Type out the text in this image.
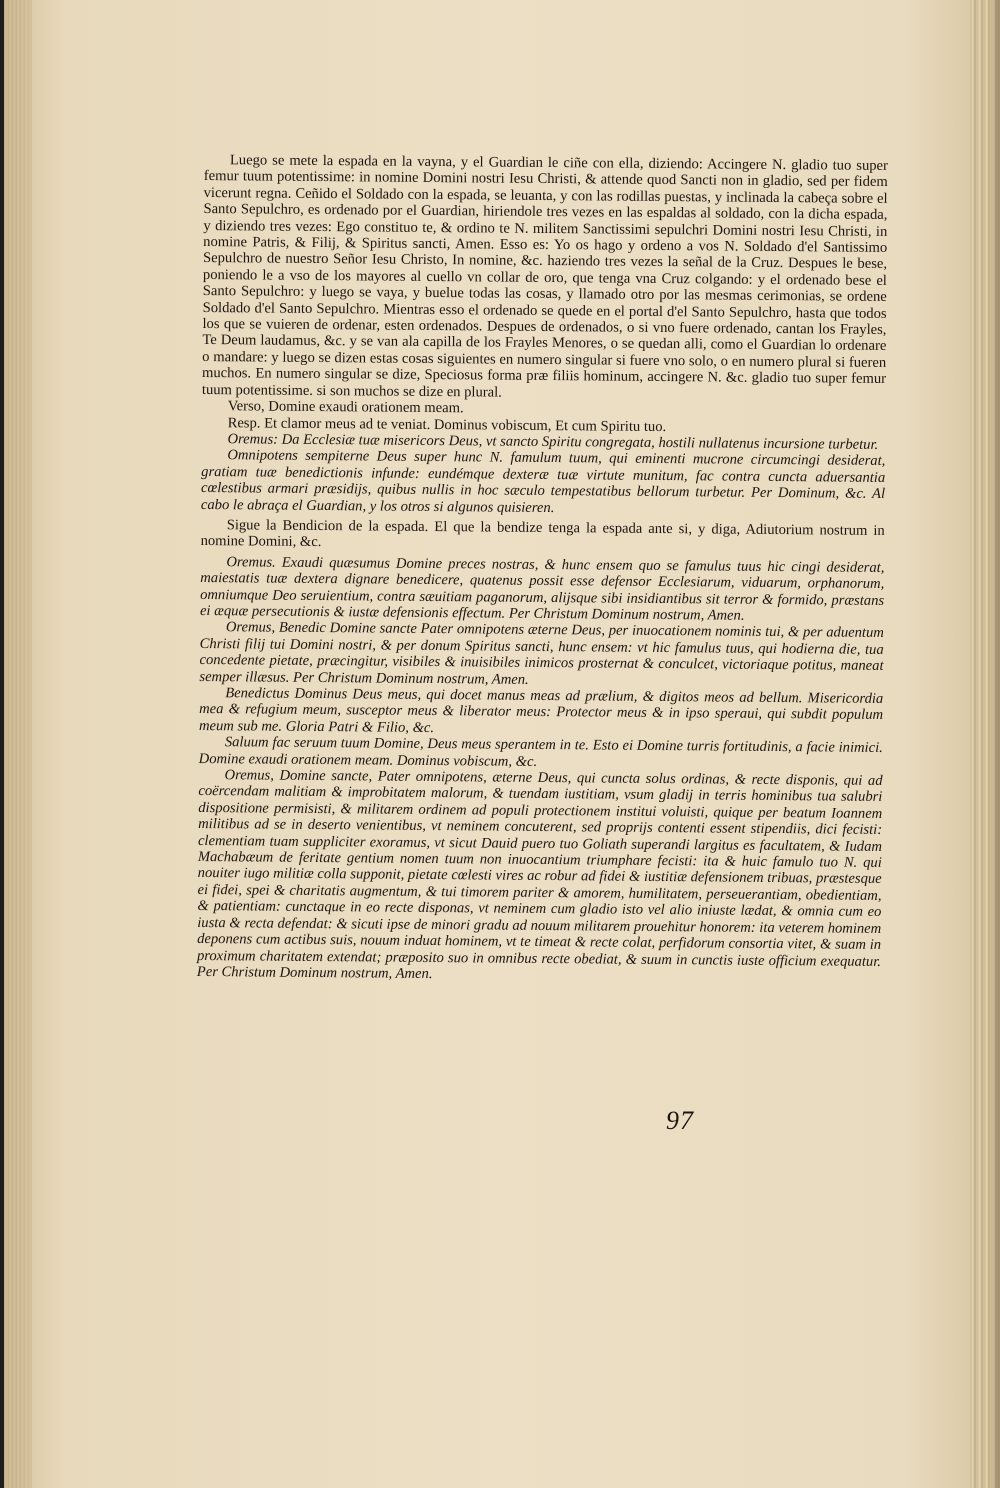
Luego se mete la espada en la vayna, y el Guardian le ciñe con ella, diziendo: Accingere N. gladio tuo super femur tuum potentissime: in nomine Domini nostri Iesu Christi, & attende quod Sancti non in gladio, sed per fidem vicerunt regna. Ceñido el Soldado con la espada, se leuanta, y con las rodillas puestas, y inclinada la cabeça sobre el Santo Sepulchro, es ordenado por el Guardian, hiriendole tres vezes en las espaldas al soldado, con la dicha espada, y diziendo tres vezes: Ego constituo te, & ordino te N. militem Sanctissimi sepulchri Domini nostri Iesu Christi, in nomine Patris, & Filij, & Spiritus sancti, Amen. Esso es: Yo os hago y ordeno a vos N. Soldado d'el Santissimo Sepulchro de nuestro Señor Iesu Christo, In nomine, &c. haziendo tres vezes la señal de la Cruz. Despues le bese, poniendo le a vso de los mayores al cuello vn collar de oro, que tenga vna Cruz colgando: y el ordenado bese el Santo Sepulchro: y luego se vaya, y buelue todas las cosas, y llamado otro por las mesmas cerimonias, se ordene Soldado d'el Santo Sepulchro. Mientras esso el ordenado se quede en el portal d'el Santo Sepulchro, hasta que todos los que se vuieren de ordenar, esten ordenados. Despues de ordenados, o si vno fuere ordenado, cantan los Frayles, Te Deum laudamus, &c. y se van ala capilla de los Frayles Menores, o se quedan alli, como el Guardian lo ordenare o mandare: y luego se dizen estas cosas siguientes en numero singular si fuere vno solo, o en numero plural si fueren muchos. En numero singular se dize, Speciosus forma præ filiis hominum, accingere N. &c. gladio tuo super femur tuum potentissime. si son muchos se dize en plural.

Verso, Domine exaudi orationem meam.

Resp. Et clamor meus ad te veniat. Dominus vobiscum, Et cum Spiritu tuo.

Oremus: Da Ecclesiæ tuæ misericors Deus, vt sancto Spiritu congregata, hostili nullatenus incursione turbetur.

Omnipotens sempiterne Deus super hunc N. famulum tuum, qui eminenti mucrone circumcingi desiderat, gratiam tuæ benedictionis infunde: eundémque dexteræ tuæ virtute munitum, fac contra cuncta aduersantia cœlestibus armari præsidijs, quibus nullis in hoc sæculo tempestatibus bellorum turbetur. Per Dominum, &c. Al cabo le abraça el Guardian, y los otros si algunos quisieren.

Sigue la Bendicion de la espada. El que la bendize tenga la espada ante si, y diga, Adiutorium nostrum in nomine Domini, &c.

Oremus. Exaudi quæsumus Domine preces nostras, & hunc ensem quo se famulus tuus hic cingi desiderat, maiestatis tuæ dextera dignare benedicere, quatenus possit esse defensor Ecclesiarum, viduarum, orphanorum, omniumque Deo seruientium, contra sæuitiam paganorum, alijsque sibi insidiantibus sit terror & formido, præstans ei æquæ persecutionis & iustæ defensionis effectum. Per Christum Dominum nostrum, Amen.

Oremus, Benedic Domine sancte Pater omnipotens æterne Deus, per inuocationem nominis tui, & per aduentum Christi filij tui Domini nostri, & per donum Spiritus sancti, hunc ensem: vt hic famulus tuus, qui hodierna die, tua concedente pietate, præcingitur, visibiles & inuisibiles inimicos prosternat & conculcet, victoriaque potitus, maneat semper illæsus. Per Christum Dominum nostrum, Amen.

Benedictus Dominus Deus meus, qui docet manus meas ad prælium, & digitos meos ad bellum. Misericordia mea & refugium meum, susceptor meus & liberator meus: Protector meus & in ipso speraui, qui subdit populum meum sub me. Gloria Patri & Filio, &c.

Saluum fac seruum tuum Domine, Deus meus sperantem in te. Esto ei Domine turris fortitudinis, a facie inimici. Domine exaudi orationem meam. Dominus vobiscum, &c.

Oremus, Domine sancte, Pater omnipotens, æterne Deus, qui cuncta solus ordinas, & recte disponis, qui ad coërcendam malitiam & improbitatem malorum, & tuendam iustitiam, vsum gladij in terris hominibus tua salubri dispositione permisisti, & militarem ordinem ad populi protectionem institui voluisti, quique per beatum Ioannem militibus ad se in deserto venientibus, vt neminem concuterent, sed proprijs contenti essent stipendiis, dici fecisti: clementiam tuam suppliciter exoramus, vt sicut Dauid puero tuo Goliath superandi largitus es facultatem, & Iudam Machabæum de feritate gentium nomen tuum non inuocantium triumphare fecisti: ita & huic famulo tuo N. qui nouiter iugo militiæ colla supponit, pietate cœlesti vires ac robur ad fidei & iustitiæ defensionem tribuas, præstesque ei fidei, spei & charitatis augmentum, & tui timorem pariter & amorem, humilitatem, perseuerantiam, obedientiam, & patientiam: cunctaque in eo recte disponas, vt neminem cum gladio isto vel alio iniuste lædat, & omnia cum eo iusta & recta defendat: & sicuti ipse de minori gradu ad nouum militarem prouehitur honorem: ita veterem hominem deponens cum actibus suis, nouum induat hominem, vt te timeat & recte colat, perfidorum consortia vitet, & suam in proximum charitatem extendat; præposito suo in omnibus recte obediat, & suum in cunctis iuste officium exequatur. Per Christum Dominum nostrum, Amen.

97
